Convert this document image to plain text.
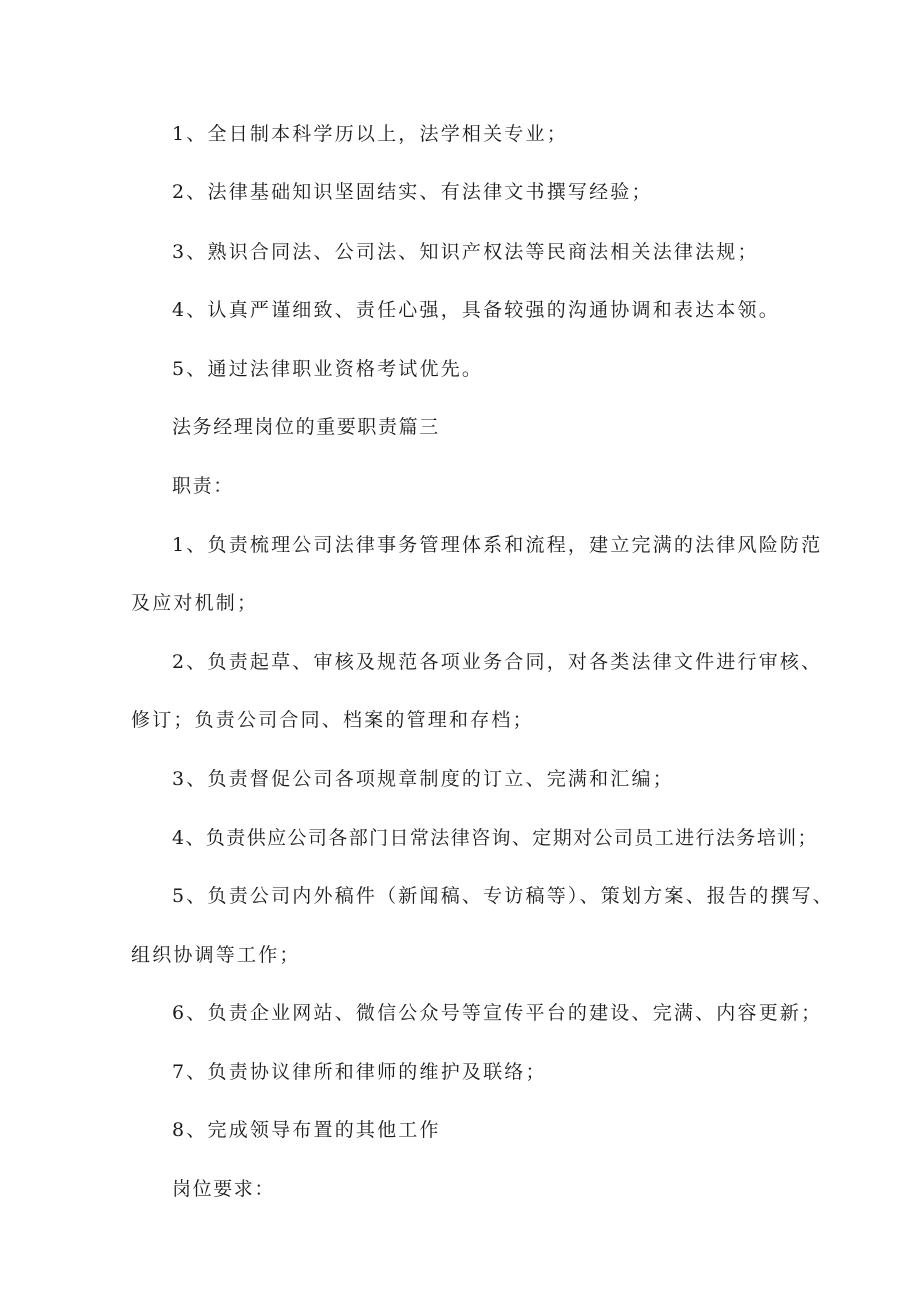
1、全日制本科学历以上，法学相关专业；
2、法律基础知识坚固结实、有法律文书撰写经验；
3、熟识合同法、公司法、知识产权法等民商法相关法律法规；
4、认真严谨细致、责任心强，具备较强的沟通协调和表达本领。
5、通过法律职业资格考试优先。
法务经理岗位的重要职责篇三
职责：
1、负责梳理公司法律事务管理体系和流程，建立完满的法律风险防范
及应对机制；
2、负责起草、审核及规范各项业务合同，对各类法律文件进行审核、
修订；负责公司合同、档案的管理和存档；
3、负责督促公司各项规章制度的订立、完满和汇编；
4、负责供应公司各部门日常法律咨询、定期对公司员工进行法务培训；
5、负责公司内外稿件（新闻稿、专访稿等）、策划方案、报告的撰写、
组织协调等工作；
6、负责企业网站、微信公众号等宣传平台的建设、完满、内容更新；
7、负责协议律所和律师的维护及联络；
8、完成领导布置的其他工作
岗位要求：
